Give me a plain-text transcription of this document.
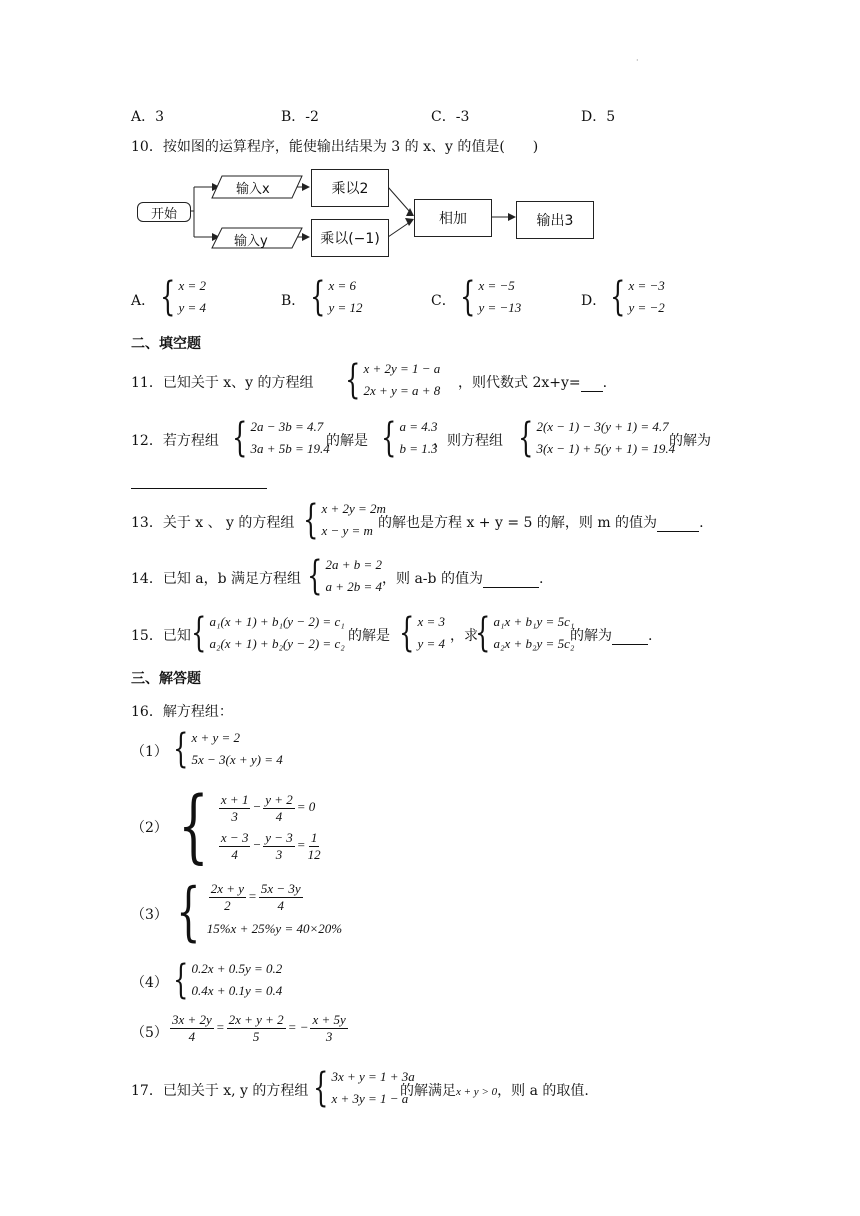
·
A．3	B．-2	C．-3	D．5
10．按如图的运算程序，能使输出结果为 3 的 x、y 的值是(　　)
开始
输入x
输入y
乘以2
乘以(−1)
相加	输出3
A． { x = 2
y = 4	B． { x = 6
y = 12	C． { x = −5
y = −13	D． { x = −3
y = −2
二、填空题
11．已知关于 x、y 的方程组 { x + 2y = 1 − a
2x + y = a + 8 ，则代数式 2x+y= .
12．若方程组 { 2a − 3b = 4.7
3a + 5b = 19.4
的解是 { a = 4.3
b = 1.3
，则方程组 { 2(x − 1) − 3(y + 1) = 4.7
3(x − 1) + 5(y + 1) = 19.4
的解为
13．关于 x 、 y 的方程组 { x + 2y = 2m
x − y = m 的解也是方程 x + y = 5 的解，则 m 的值为	.
14．已知 a，b 满足方程组 { 2a + b = 2
a + 2b = 4 ，则 a-b 的值为	.
15．已知 { a₁(x + 1) + b₁(y − 2) = c₁
a₂(x + 1) + b₂(y − 2) = c₂ 的解是 { x = 3
y = 4 ，求
{ a₁x + b₁y = 5c₁
a₂x + b₂y = 5c₂
的解为	.
三、解答题
16．解方程组：
（1） { x + y = 2
5x − 3(x + y) = 4
（2） { $\frac{x + 1}{3} - \frac{y + 2}{4} = 0$
$\frac{x - 3}{4} - \frac{y - 3}{3} = \frac{1}{12}$
（3） { $\frac{2x + y}{2} = \frac{5x - 3y}{4}$
15%x + 25%y = 40×20%
（4） { 0.2x + 0.5y = 0.2
0.4x + 0.1y = 0.4
$(5) \frac{3x + 2y}{4} = \frac{2x + y + 2}{5}$ = − $\frac{x + 5y}{3}$
17．已知关于 x, y 的方程组 { 3x + y = 1 + 3a
x + 3y = 1 − a
的解满足x + y > 0，则 a 的取值.
